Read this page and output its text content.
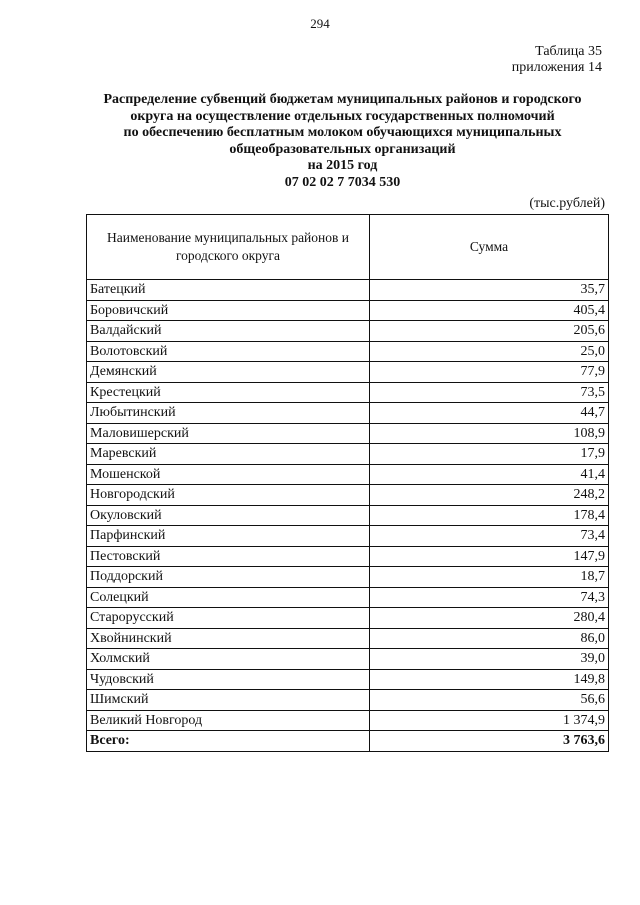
294
Таблица 35
приложения 14
Распределение субвенций бюджетам муниципальных районов и городского
округа на осуществление отдельных государственных полномочий
по обеспечению бесплатным молоком обучающихся муниципальных
общеобразовательных организаций
на 2015 год
07 02 02 7 7034 530
(тыс.рублей)
Наименование муниципальных районов и городского округа	Сумма
Батецкий	35,7
Боровичский	405,4
Валдайский	205,6
Волотовский	25,0
Демянский	77,9
Крестецкий	73,5
Любытинский	44,7
Маловишерский	108,9
Маревский	17,9
Мошенской	41,4
Новгородский	248,2
Окуловский	178,4
Парфинский	73,4
Пестовский	147,9
Поддорский	18,7
Солецкий	74,3
Старорусский	280,4
Хвойнинский	86,0
Холмский	39,0
Чудовский	149,8
Шимский	56,6
Великий Новгород	1 374,9
Всего:	3 763,6
